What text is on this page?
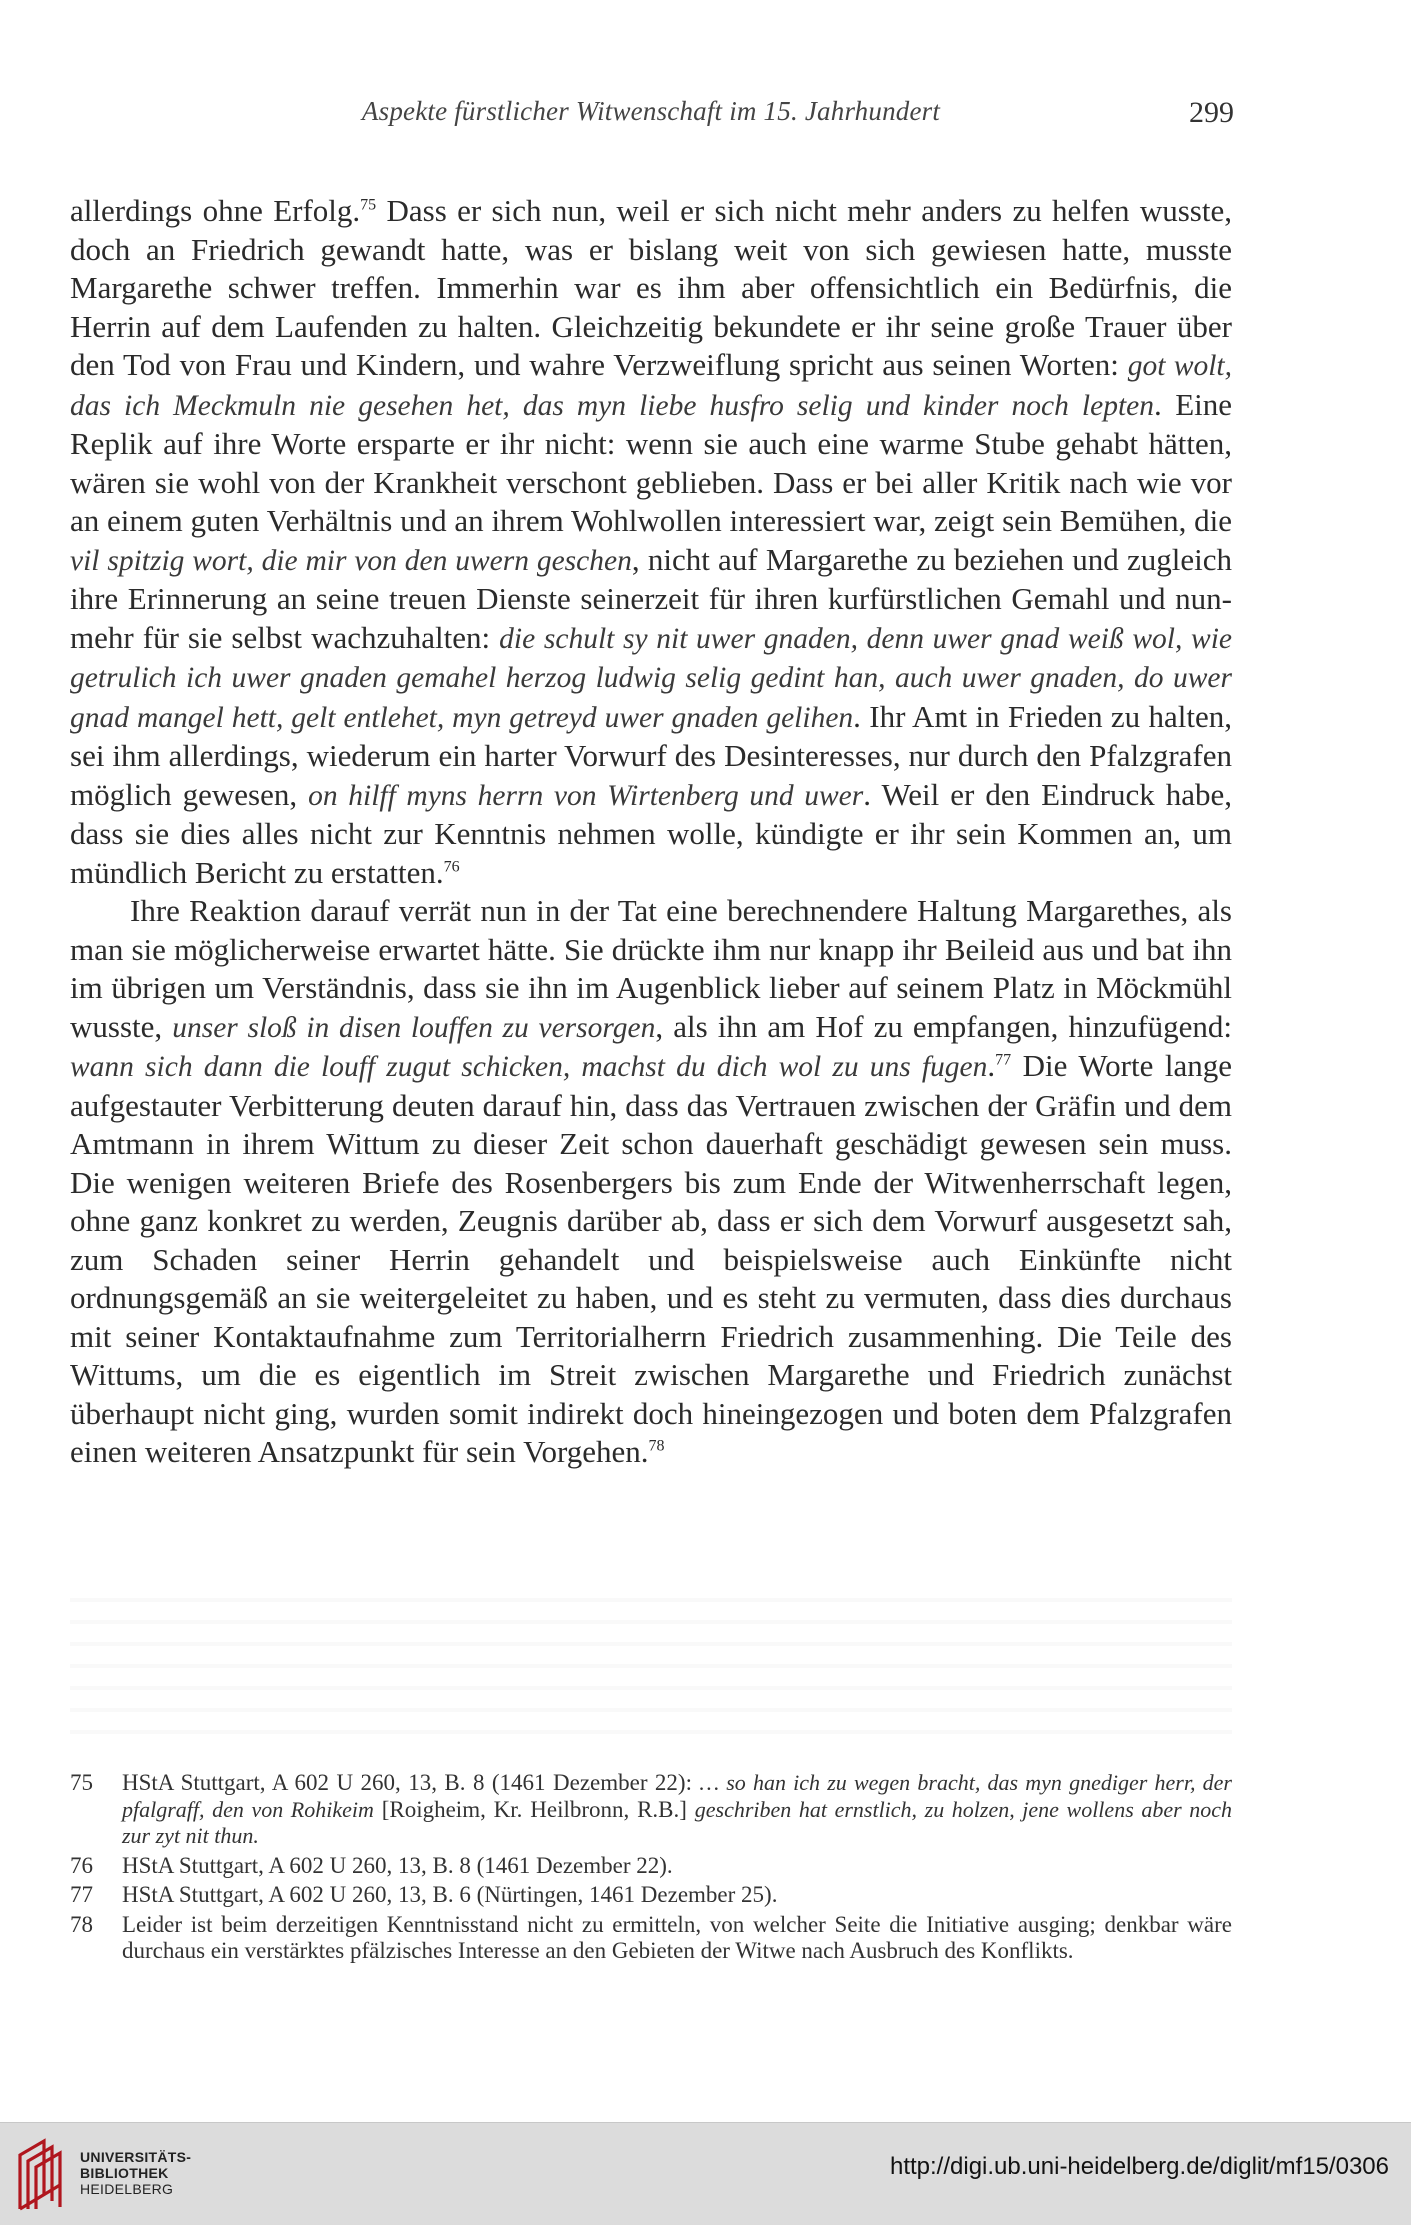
Aspekte fürstlicher Witwenschaft im 15. Jahrhundert	299

allerdings ohne Erfolg.$^{75}$ Dass er sich nun, weil er sich nicht mehr anders zu helfen wusste, doch an Friedrich gewandt hatte, was er bislang weit von sich gewiesen hatte, musste Margarethe schwer treffen. Immerhin war es ihm aber offensichtlich ein Bedürfnis, die Herrin auf dem Laufenden zu halten. Gleichzeitig bekundete er ihr seine große Trauer über den Tod von Frau und Kindern, und wahre Verzweiflung spricht aus seinen Worten: got wolt, das ich Meckmuln nie gesehen het, das myn liebe husfro selig und kinder noch lepten. Eine Replik auf ihre Worte ersparte er ihr nicht: wenn sie auch eine warme Stube gehabt hätten, wären sie wohl von der Krankheit verschont geblieben. Dass er bei aller Kritik nach wie vor an einem guten Verhältnis und an ihrem Wohlwollen interessiert war, zeigt sein Bemühen, die vil spitzig wort, die mir von den uwern geschen, nicht auf Margarethe zu beziehen und zugleich ihre Erinnerung an seine treuen Dienste seinerzeit für ihren kurfürstlichen Gemahl und nunmehr für sie selbst wachzuhalten: die schult sy nit uwer gnaden, denn uwer gnad weiß wol, wie getrulich ich uwer gnaden gemahel herzog ludwig selig gedint han, auch uwer gnaden, do uwer gnad mangel hett, gelt entlehet, myn getreyd uwer gnaden gelihen. Ihr Amt in Frieden zu halten, sei ihm allerdings, wiederum ein harter Vorwurf des Desinteresses, nur durch den Pfalzgrafen möglich gewesen, on hilff myns herrn von Wirtenberg und uwer. Weil er den Eindruck habe, dass sie dies alles nicht zur Kenntnis nehmen wolle, kündigte er ihr sein Kommen an, um mündlich Bericht zu erstatten.$^{76}$

Ihre Reaktion darauf verrät nun in der Tat eine berechnendere Haltung Margarethes, als man sie möglicherweise erwartet hätte. Sie drückte ihm nur knapp ihr Beileid aus und bat ihn im übrigen um Verständnis, dass sie ihn im Augenblick lieber auf seinem Platz in Möckmühl wusste, unser sloß in disen louffen zu versorgen, als ihn am Hof zu empfangen, hinzufügend: wann sich dann die louff zugut schicken, machst du dich wol zu uns fugen.$^{77}$ Die Worte lange aufgestauter Verbitterung deuten darauf hin, dass das Vertrauen zwischen der Gräfin und dem Amtmann in ihrem Wittum zu dieser Zeit schon dauerhaft geschädigt gewesen sein muss. Die wenigen weiteren Briefe des Rosenbergers bis zum Ende der Witwenherrschaft legen, ohne ganz konkret zu werden, Zeugnis darüber ab, dass er sich dem Vorwurf ausgesetzt sah, zum Schaden seiner Herrin gehandelt und beispielsweise auch Einkünfte nicht ordnungsgemäß an sie weitergeleitet zu haben, und es steht zu vermuten, dass dies durchaus mit seiner Kontaktaufnahme zum Territorialherrn Friedrich zusammenhing. Die Teile des Wittums, um die es eigentlich im Streit zwischen Margarethe und Friedrich zunächst überhaupt nicht ging, wurden somit indirekt doch hineingezogen und boten dem Pfalzgrafen einen weiteren Ansatzpunkt für sein Vorgehen.$^{78}$

75 HStA Stuttgart, A 602 U 260, 13, B. 8 (1461 Dezember 22): … so han ich zu wegen bracht, das myn gnediger herr, der pfalgraff, den von Rohikeim [Roigheim, Kr. Heilbronn, R.B.] geschriben hat ernstlich, zu holzen, jene wollens aber noch zur zyt nit thun.
76 HStA Stuttgart, A 602 U 260, 13, B. 8 (1461 Dezember 22).
77 HStA Stuttgart, A 602 U 260, 13, B. 6 (Nürtingen, 1461 Dezember 25).
78 Leider ist beim derzeitigen Kenntnisstand nicht zu ermitteln, von welcher Seite die Initiative ausging; denkbar wäre durchaus ein verstärktes pfälzisches Interesse an den Gebieten der Witwe nach Ausbruch des Konflikts.
UNIVERSITÄTS-
BIBLIOTHEK
HEIDELBERG
http://digi.ub.uni-heidelberg.de/diglit/mf15/0306
